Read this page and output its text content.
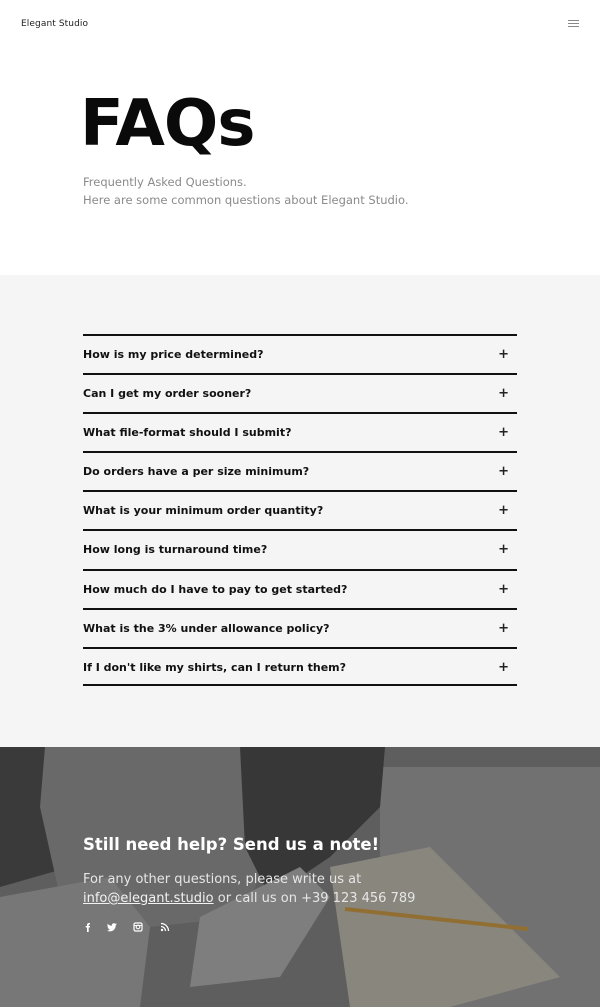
Elegant Studio
FAQs
Frequently Asked Questions.
Here are some common questions about Elegant Studio.
How is my price determined?	+
Can I get my order sooner?	+
What file-format should I submit?	+
Do orders have a per size minimum?	+
What is your minimum order quantity?	+
How long is turnaround time?	+
How much do I have to pay to get started?	+
What is the 3% under allowance policy?	+
If I don't like my shirts, can I return them?	+
Still need help? Send us a note!
For any other questions, please write us at
info@elegant.studio or call us on +39 123 456 789
